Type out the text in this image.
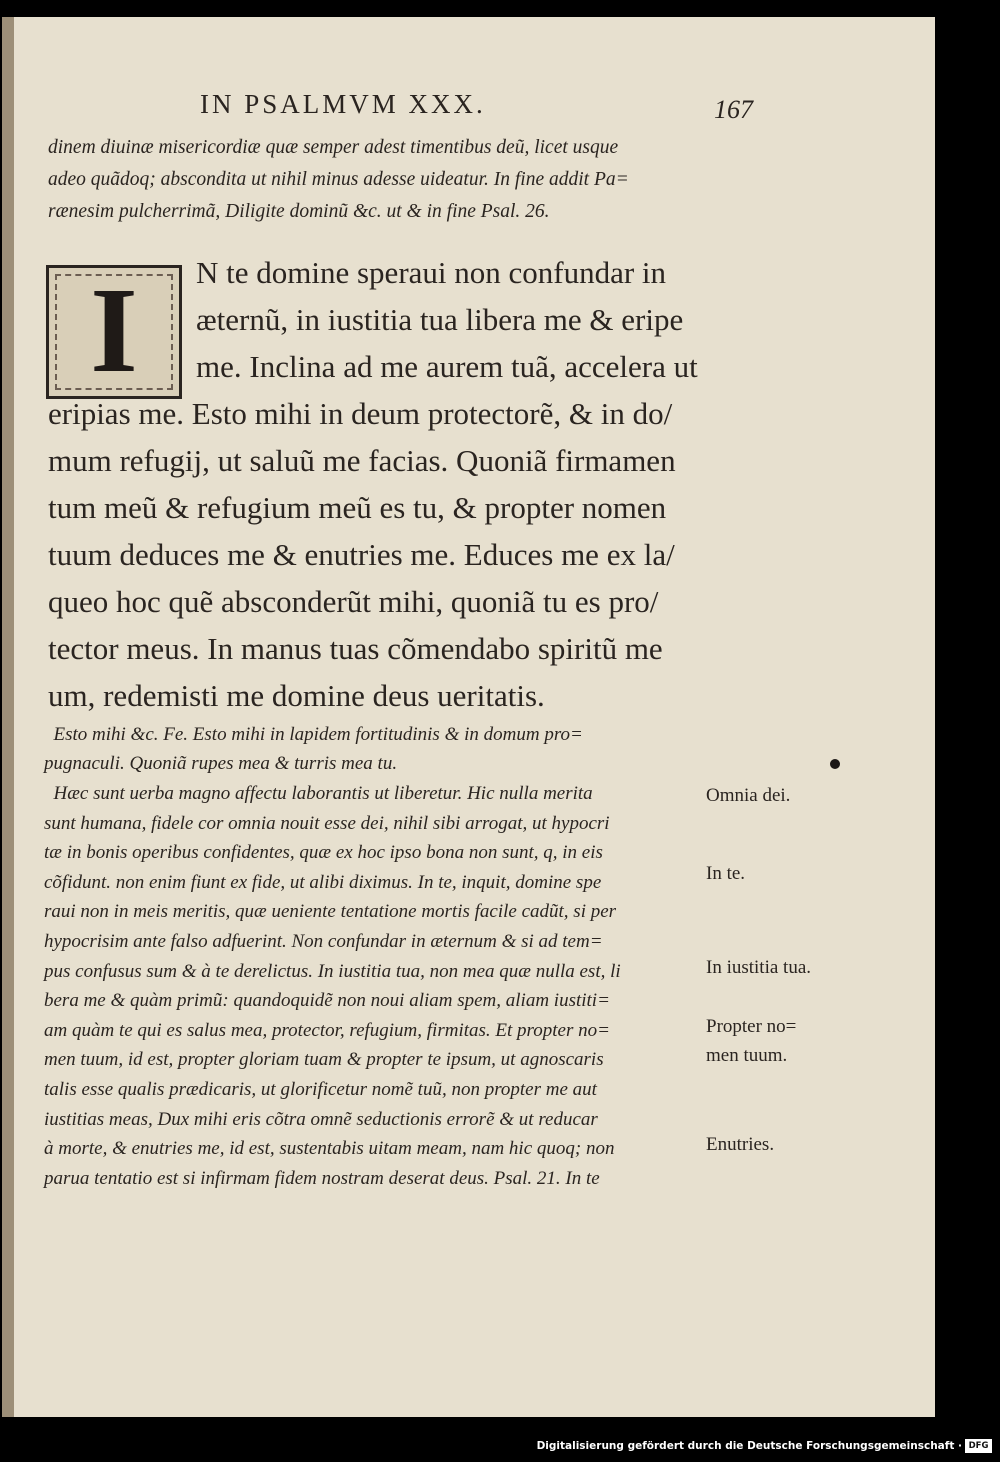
IN PSALMVM XXX.	167
dinem diuinæ misericordiæ quæ semper adest timentibus deũ, licet usque
adeo quãdoq; abscondita ut nihil minus adesse uideatur. In fine addit Pa=
rænesim pulcherrimã, Diligite dominũ &c. ut & in fine Psal. 26.
I	N te domine speraui non confundar in
æternũ, in iustitia tua libera me & eripe
me. Inclina ad me aurem tuã, accelera ut
eripias me. Esto mihi in deum protectorẽ, & in do/
mum refugij, ut saluũ me facias. Quoniã firmamen
tum meũ & refugium meũ es tu, & propter nomen
tuum deduces me & enutries me. Educes me ex la/
queo hoc quẽ absconderũt mihi, quoniã tu es pro/
tector meus. In manus tuas cõmendabo spiritũ me
um, redemisti me domine deus ueritatis.
Esto mihi &c. Fe. Esto mihi in lapidem fortitudinis & in domum pro=
pugnaculi. Quoniã rupes mea & turris mea tu.
Hæc sunt uerba magno affectu laborantis ut liberetur. Hic nulla merita
sunt humana, fidele cor omnia nouit esse dei, nihil sibi arrogat, ut hypocri
tæ in bonis operibus confidentes, quæ ex hoc ipso bona non sunt, q, in eis
cõfidunt. non enim fiunt ex fide, ut alibi diximus. In te, inquit, domine spe
raui non in meis meritis, quæ ueniente tentatione mortis facile cadũt, si per
hypocrisim ante falso adfuerint. Non confundar in æternum & si ad tem=
pus confusus sum & à te derelictus. In iustitia tua, non mea quæ nulla est, li
bera me & quàm primũ: quandoquidẽ non noui aliam spem, aliam iustiti=
am quàm te qui es salus mea, protector, refugium, firmitas. Et propter no=
men tuum, id est, propter gloriam tuam & propter te ipsum, ut agnoscaris
talis esse qualis prædicaris, ut glorificetur nomẽ tuũ, non propter me aut
iustitias meas, Dux mihi eris cõtra omnẽ seductionis errorẽ & ut reducar
à morte, & enutries me, id est, sustentabis uitam meam, nam hic quoq; non
parua tentatio est si infirmam fidem nostram deserat deus. Psal. 21. In te
Omnia dei.
In te.
In iustitia tua.
Propter no=
men tuum.
Enutries.
Digitalisierung gefördert durch die Deutsche Forschungsgemeinschaft · DFG
